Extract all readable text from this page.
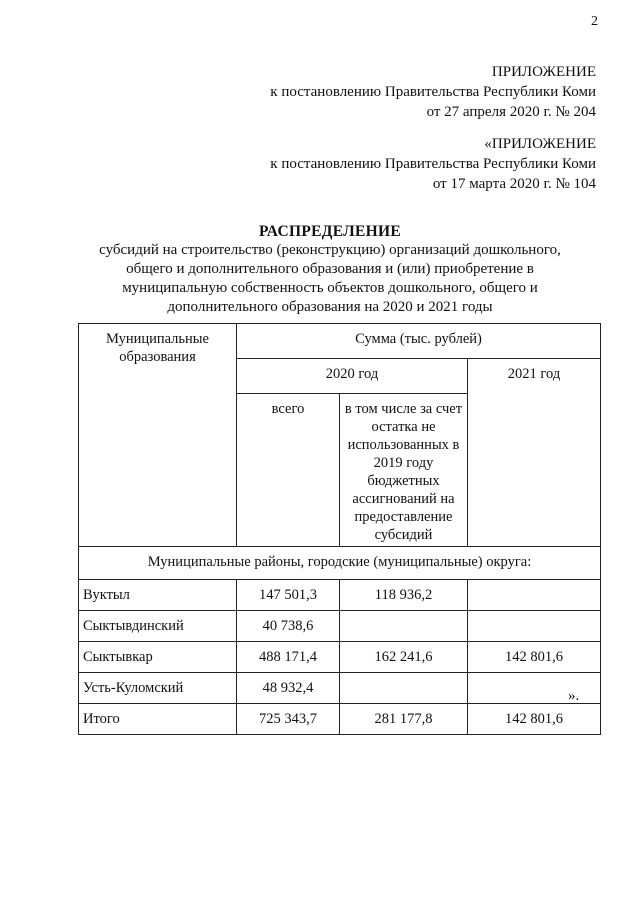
2
ПРИЛОЖЕНИЕ
к постановлению Правительства Республики Коми
от 27 апреля 2020 г. № 204
«ПРИЛОЖЕНИЕ
к постановлению Правительства Республики Коми
от 17 марта 2020 г. № 104
РАСПРЕДЕЛЕНИЕ
субсидий на строительство (реконструкцию) организаций дошкольного, общего и дополнительного образования и (или) приобретение в муниципальную собственность объектов дошкольного, общего и дополнительного образования на 2020 и 2021 годы
Муниципальные образования	Сумма (тыс. рублей)		
	2020 год		2021 год
	всего	в том числе за счет остатка не использованных в 2019 году бюджетных ассигнований на предоставление субсидий	
Муниципальные районы, городские (муниципальные) округа:			
Вуктыл	147 501,3	118 936,2	
Сыктывдинский	40 738,6		
Сыктывкар	488 171,4	162 241,6	142 801,6
Усть-Куломский	48 932,4		
Итого	725 343,7	281 177,8	142 801,6
».
